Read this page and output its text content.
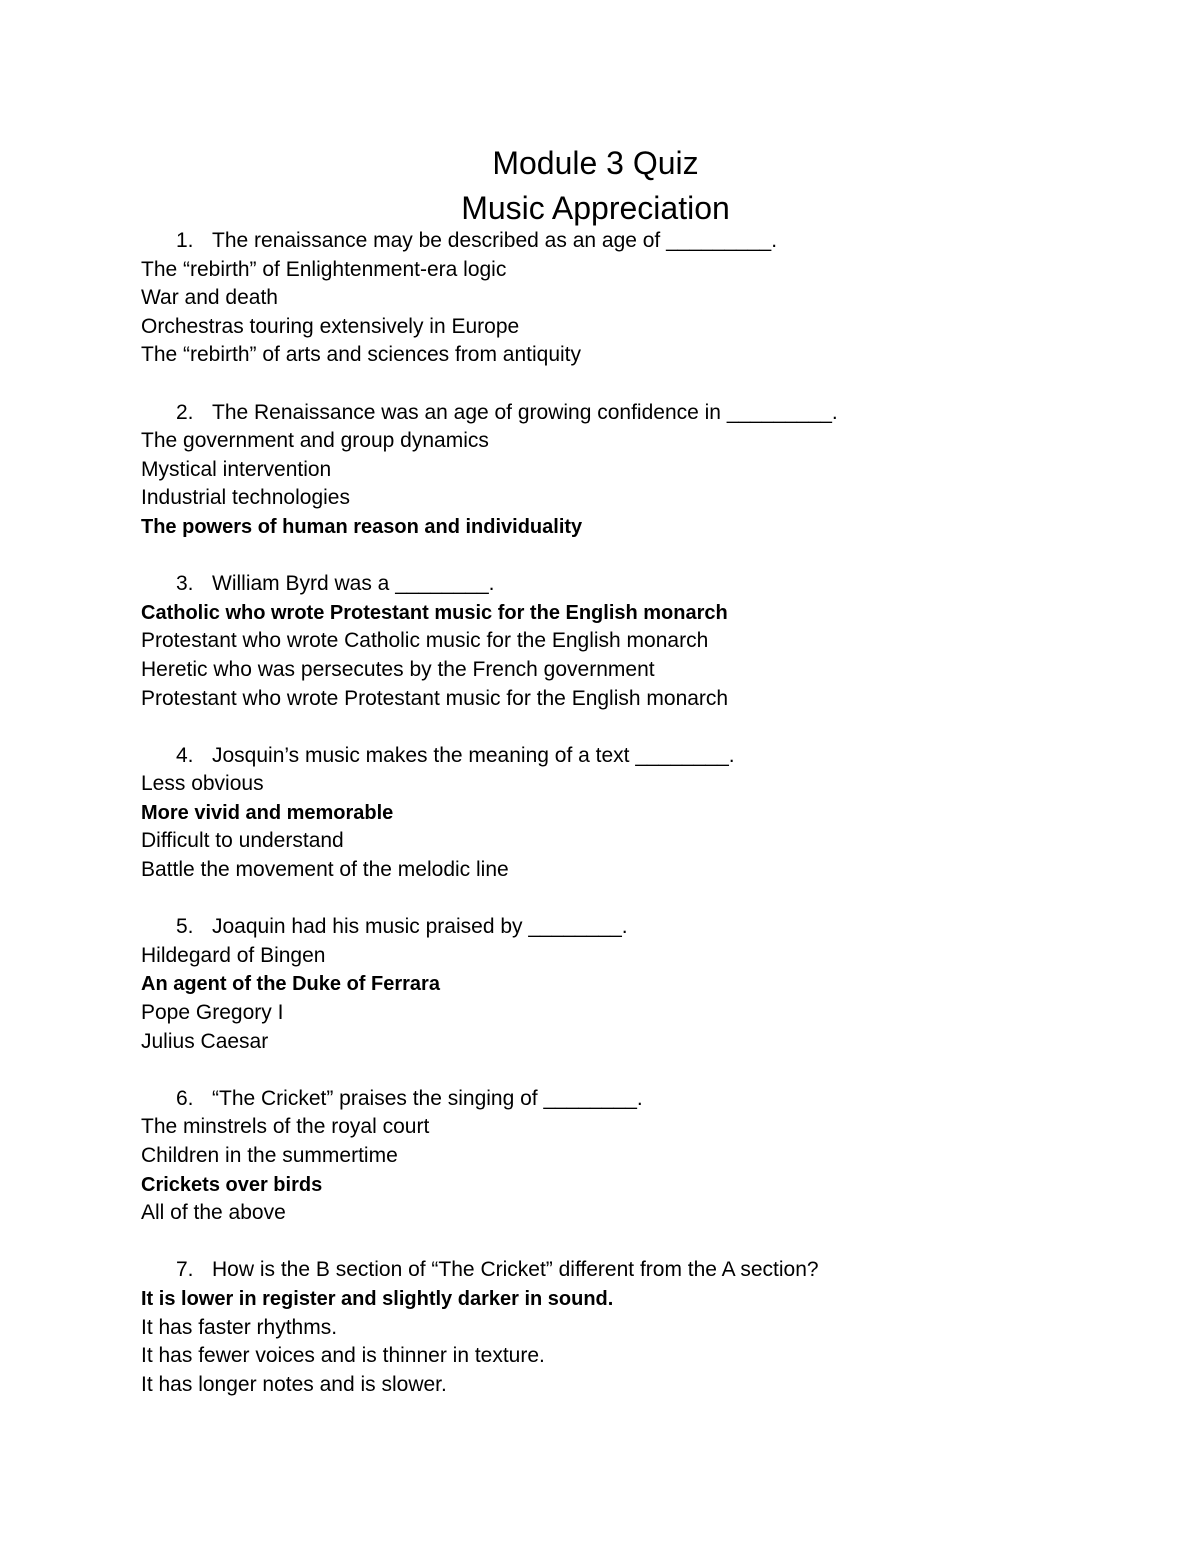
Module 3 Quiz
Music Appreciation
1. The renaissance may be described as an age of _________.
The “rebirth” of Enlightenment-era logic
War and death
Orchestras touring extensively in Europe
The “rebirth” of arts and sciences from antiquity
2. The Renaissance was an age of growing confidence in _________.
The government and group dynamics
Mystical intervention
Industrial technologies
The powers of human reason and individuality
3. William Byrd was a ________.
Catholic who wrote Protestant music for the English monarch
Protestant who wrote Catholic music for the English monarch
Heretic who was persecutes by the French government
Protestant who wrote Protestant music for the English monarch
4. Josquin’s music makes the meaning of a text ________.
Less obvious
More vivid and memorable
Difficult to understand
Battle the movement of the melodic line
5. Joaquin had his music praised by ________.
Hildegard of Bingen
An agent of the Duke of Ferrara
Pope Gregory I
Julius Caesar
6. “The Cricket” praises the singing of ________.
The minstrels of the royal court
Children in the summertime
Crickets over birds
All of the above
7. How is the B section of “The Cricket” different from the A section?
It is lower in register and slightly darker in sound.
It has faster rhythms.
It has fewer voices and is thinner in texture.
It has longer notes and is slower.
